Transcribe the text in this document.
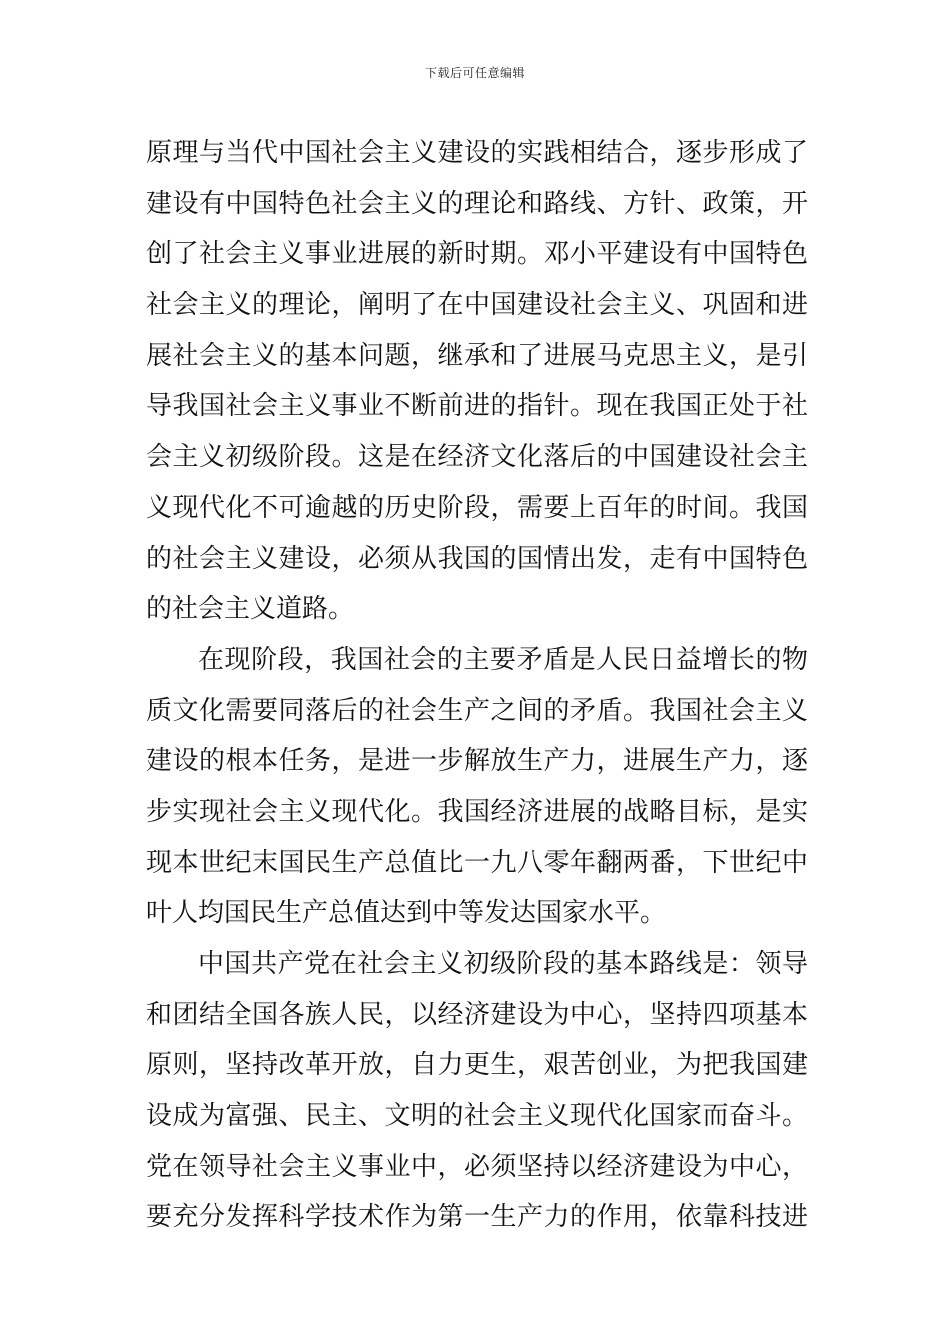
下载后可任意编辑
原理与当代中国社会主义建设的实践相结合，逐步形成了
建设有中国特色社会主义的理论和路线、方针、政策，开
创了社会主义事业进展的新时期。邓小平建设有中国特色
社会主义的理论，阐明了在中国建设社会主义、巩固和进
展社会主义的基本问题，继承和了进展马克思主义，是引
导我国社会主义事业不断前进的指针。现在我国正处于社
会主义初级阶段。这是在经济文化落后的中国建设社会主
义现代化不可逾越的历史阶段，需要上百年的时间。我国
的社会主义建设，必须从我国的国情出发，走有中国特色
的社会主义道路。
在现阶段，我国社会的主要矛盾是人民日益增长的物
质文化需要同落后的社会生产之间的矛盾。我国社会主义
建设的根本任务，是进一步解放生产力，进展生产力，逐
步实现社会主义现代化。我国经济进展的战略目标，是实
现本世纪末国民生产总值比一九八零年翻两番，下世纪中
叶人均国民生产总值达到中等发达国家水平。
中国共产党在社会主义初级阶段的基本路线是：领导
和团结全国各族人民，以经济建设为中心，坚持四项基本
原则，坚持改革开放，自力更生，艰苦创业，为把我国建
设成为富强、民主、文明的社会主义现代化国家而奋斗。
党在领导社会主义事业中，必须坚持以经济建设为中心，
要充分发挥科学技术作为第一生产力的作用，依靠科技进
